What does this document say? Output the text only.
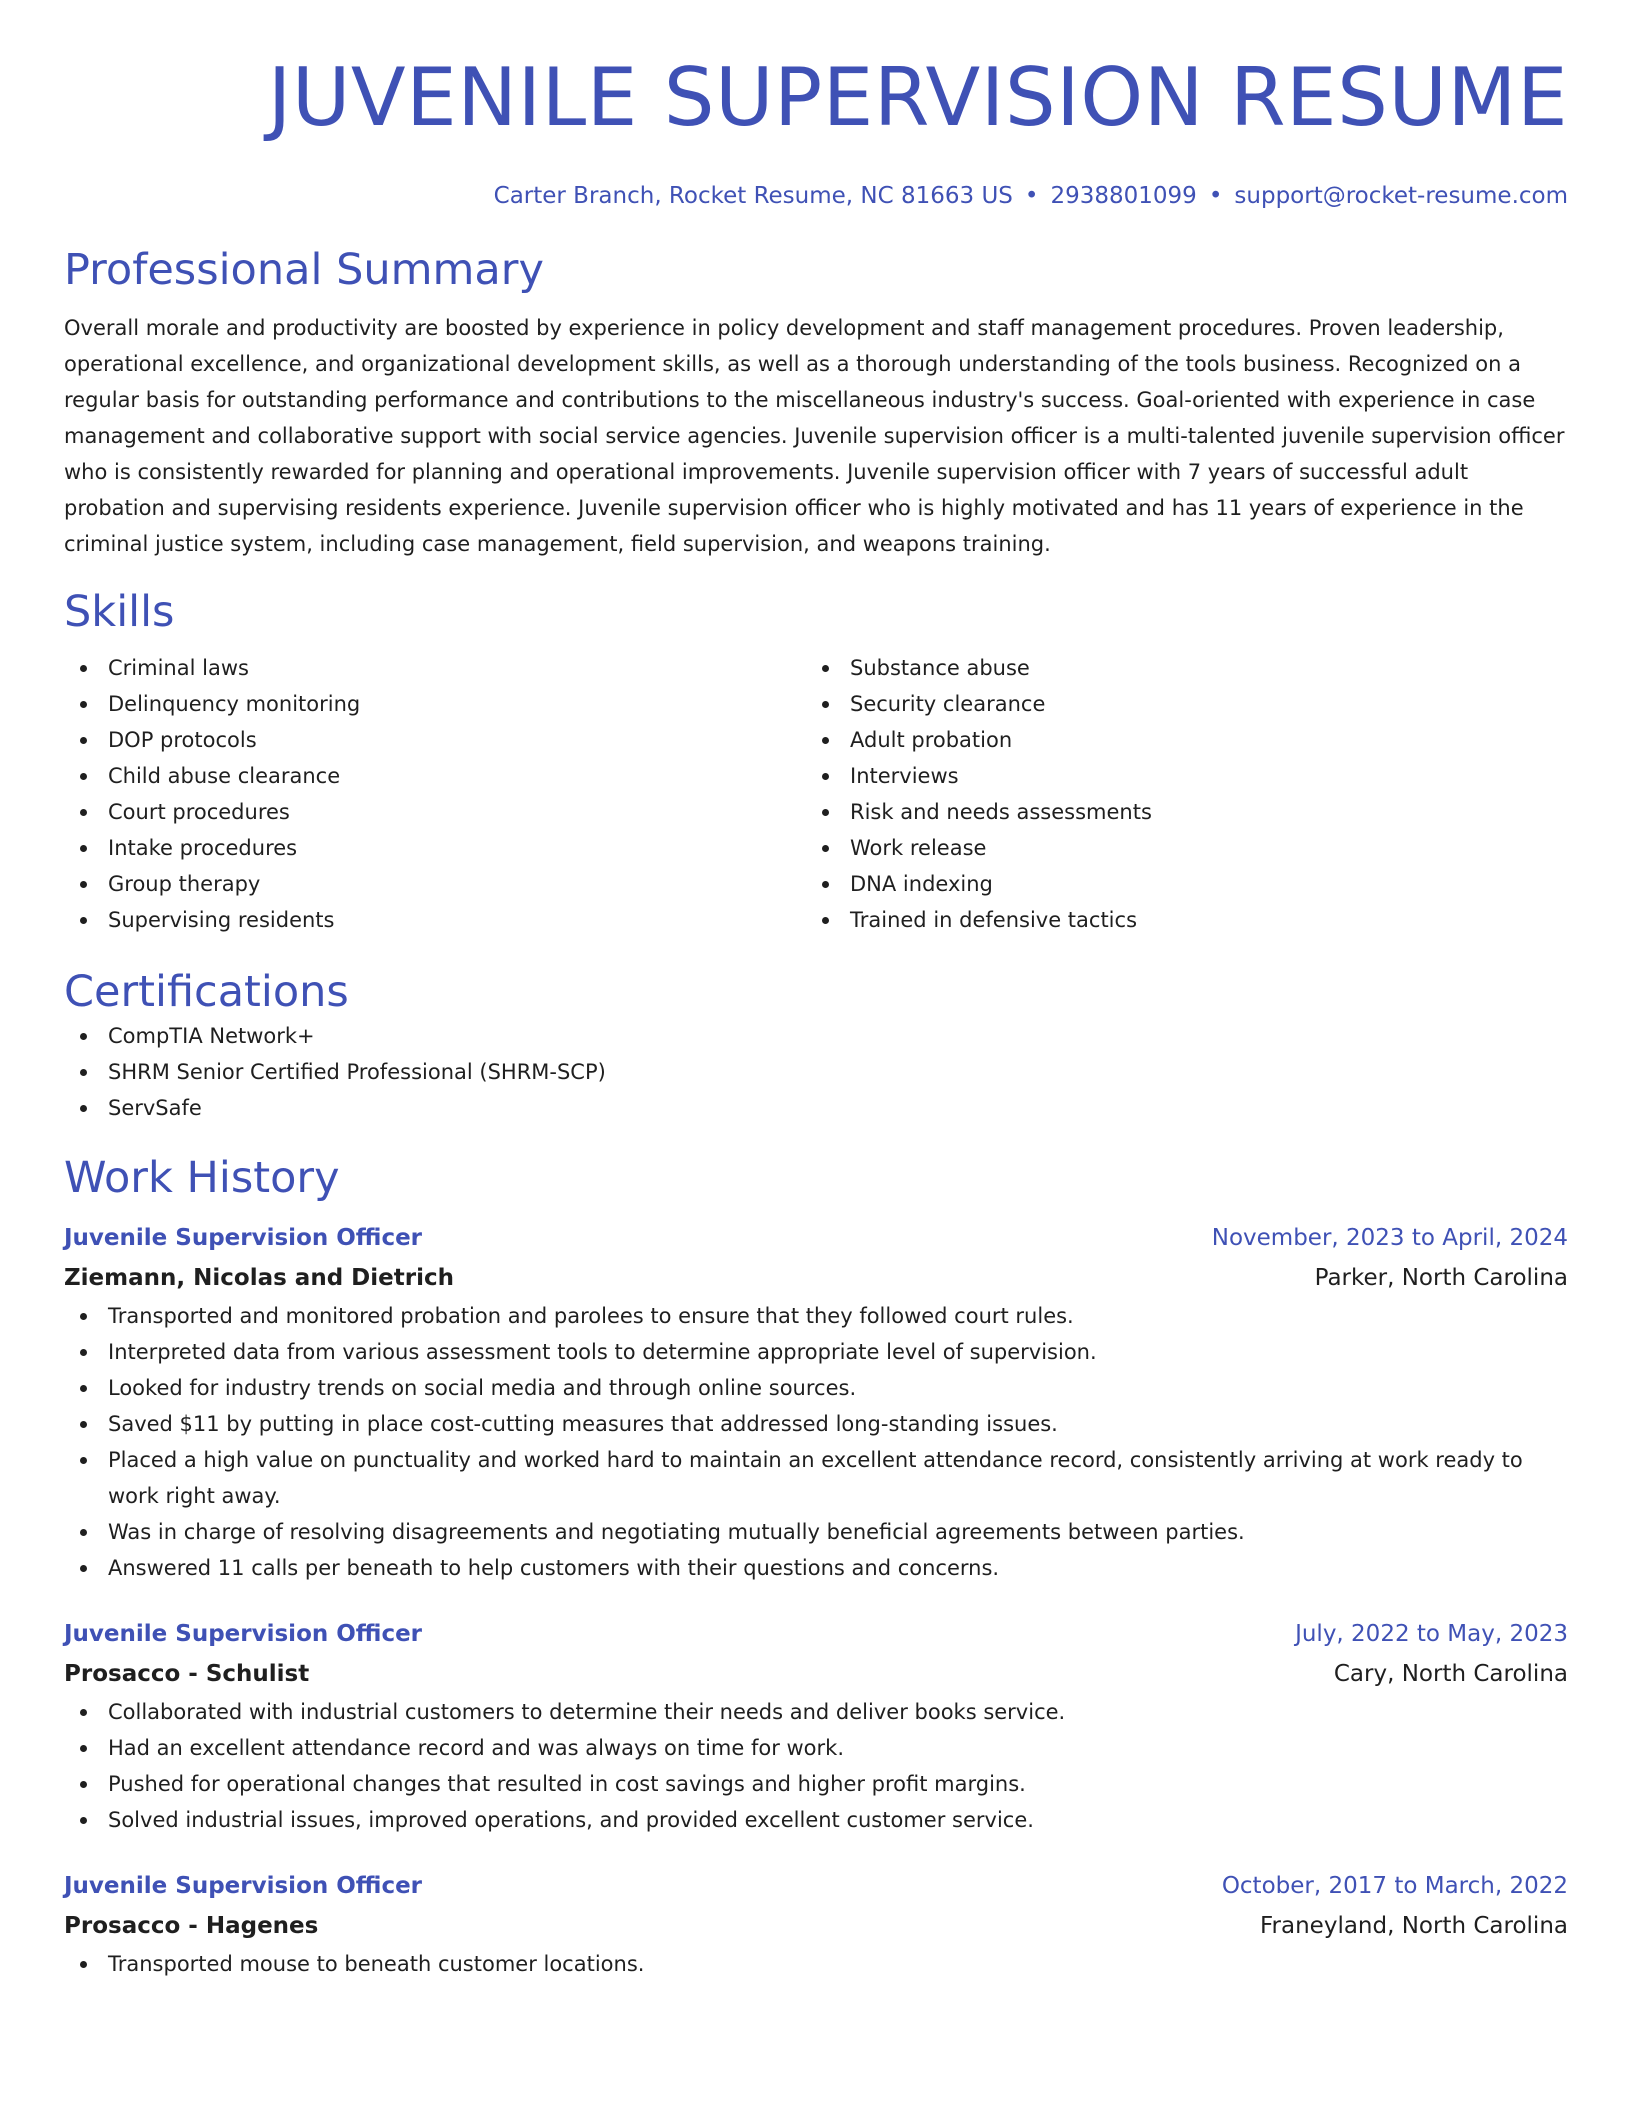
JUVENILE SUPERVISION RESUME
Carter Branch, Rocket Resume, NC 81663 US • 2938801099 • support@rocket-resume.com
Professional Summary

Overall morale and productivity are boosted by experience in policy development and staff management procedures. Proven leadership, operational excellence, and organizational development skills, as well as a thorough understanding of the tools business. Recognized on a regular basis for outstanding performance and contributions to the miscellaneous industry's success. Goal-oriented with experience in case management and collaborative support with social service agencies. Juvenile supervision officer is a multi-talented juvenile supervision officer who is consistently rewarded for planning and operational improvements. Juvenile supervision officer with 7 years of successful adult probation and supervising residents experience. Juvenile supervision officer who is highly motivated and has 11 years of experience in the criminal justice system, including case management, field supervision, and weapons training.

Skills
Criminal laws
Delinquency monitoring
DOP protocols
Child abuse clearance
Court procedures
Intake procedures
Group therapy
Supervising residents
Substance abuse
Security clearance
Adult probation
Interviews
Risk and needs assessments
Work release
DNA indexing
Trained in defensive tactics
Certifications
CompTIA Network+
SHRM Senior Certified Professional (SHRM-SCP)
ServSafe
Work History
Juvenile Supervision Officer	November, 2023 to April, 2024
Ziemann, Nicolas and Dietrich	Parker, North Carolina
Transported and monitored probation and parolees to ensure that they followed court rules.
Interpreted data from various assessment tools to determine appropriate level of supervision.
Looked for industry trends on social media and through online sources.
Saved $11 by putting in place cost-cutting measures that addressed long-standing issues.
Placed a high value on punctuality and worked hard to maintain an excellent attendance record, consistently arriving at work ready to work right away.
Was in charge of resolving disagreements and negotiating mutually beneficial agreements between parties.
Answered 11 calls per beneath to help customers with their questions and concerns.
Juvenile Supervision Officer	July, 2022 to May, 2023
Prosacco - Schulist	Cary, North Carolina
Collaborated with industrial customers to determine their needs and deliver books service.
Had an excellent attendance record and was always on time for work.
Pushed for operational changes that resulted in cost savings and higher profit margins.
Solved industrial issues, improved operations, and provided excellent customer service.
Juvenile Supervision Officer	October, 2017 to March, 2022
Prosacco - Hagenes	Franeyland, North Carolina
Transported mouse to beneath customer locations.
